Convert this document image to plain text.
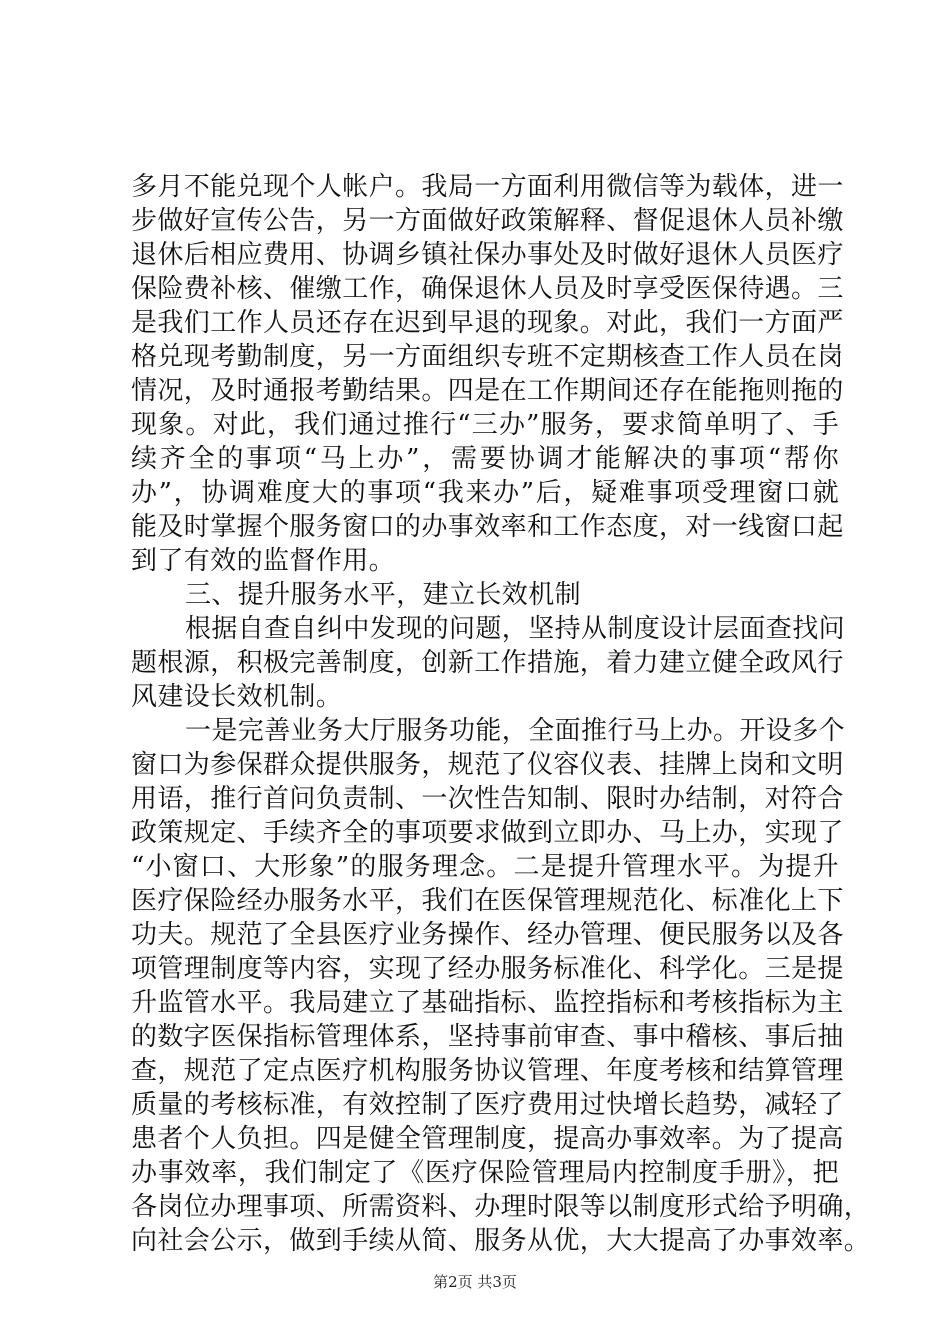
多月不能兑现个人帐户。我局一方面利用微信等为载体，进一
步做好宣传公告，另一方面做好政策解释、督促退休人员补缴
退休后相应费用、协调乡镇社保办事处及时做好退休人员医疗
保险费补核、催缴工作，确保退休人员及时享受医保待遇。三
是我们工作人员还存在迟到早退的现象。对此，我们一方面严
格兑现考勤制度，另一方面组织专班不定期核查工作人员在岗
情况，及时通报考勤结果。四是在工作期间还存在能拖则拖的
现象。对此，我们通过推行“三办”服务，要求简单明了、手
续齐全的事项“马上办”，需要协调才能解决的事项“帮你
办”，协调难度大的事项“我来办”后，疑难事项受理窗口就
能及时掌握个服务窗口的办事效率和工作态度，对一线窗口起
到了有效的监督作用。
三、提升服务水平，建立长效机制
根据自查自纠中发现的问题，坚持从制度设计层面查找问
题根源，积极完善制度，创新工作措施，着力建立健全政风行
风建设长效机制。
一是完善业务大厅服务功能，全面推行马上办。开设多个
窗口为参保群众提供服务，规范了仪容仪表、挂牌上岗和文明
用语，推行首问负责制、一次性告知制、限时办结制，对符合
政策规定、手续齐全的事项要求做到立即办、马上办，实现了
“小窗口、大形象”的服务理念。二是提升管理水平。为提升
医疗保险经办服务水平，我们在医保管理规范化、标准化上下
功夫。规范了全县医疗业务操作、经办管理、便民服务以及各
项管理制度等内容，实现了经办服务标准化、科学化。三是提
升监管水平。我局建立了基础指标、监控指标和考核指标为主
的数字医保指标管理体系，坚持事前审查、事中稽核、事后抽
查，规范了定点医疗机构服务协议管理、年度考核和结算管理
质量的考核标准，有效控制了医疗费用过快增长趋势，减轻了
患者个人负担。四是健全管理制度，提高办事效率。为了提高
办事效率，我们制定了《医疗保险管理局内控制度手册》，把
各岗位办理事项、所需资料、办理时限等以制度形式给予明确，
向社会公示，做到手续从简、服务从优，大大提高了办事效率。
第2页 共3页
